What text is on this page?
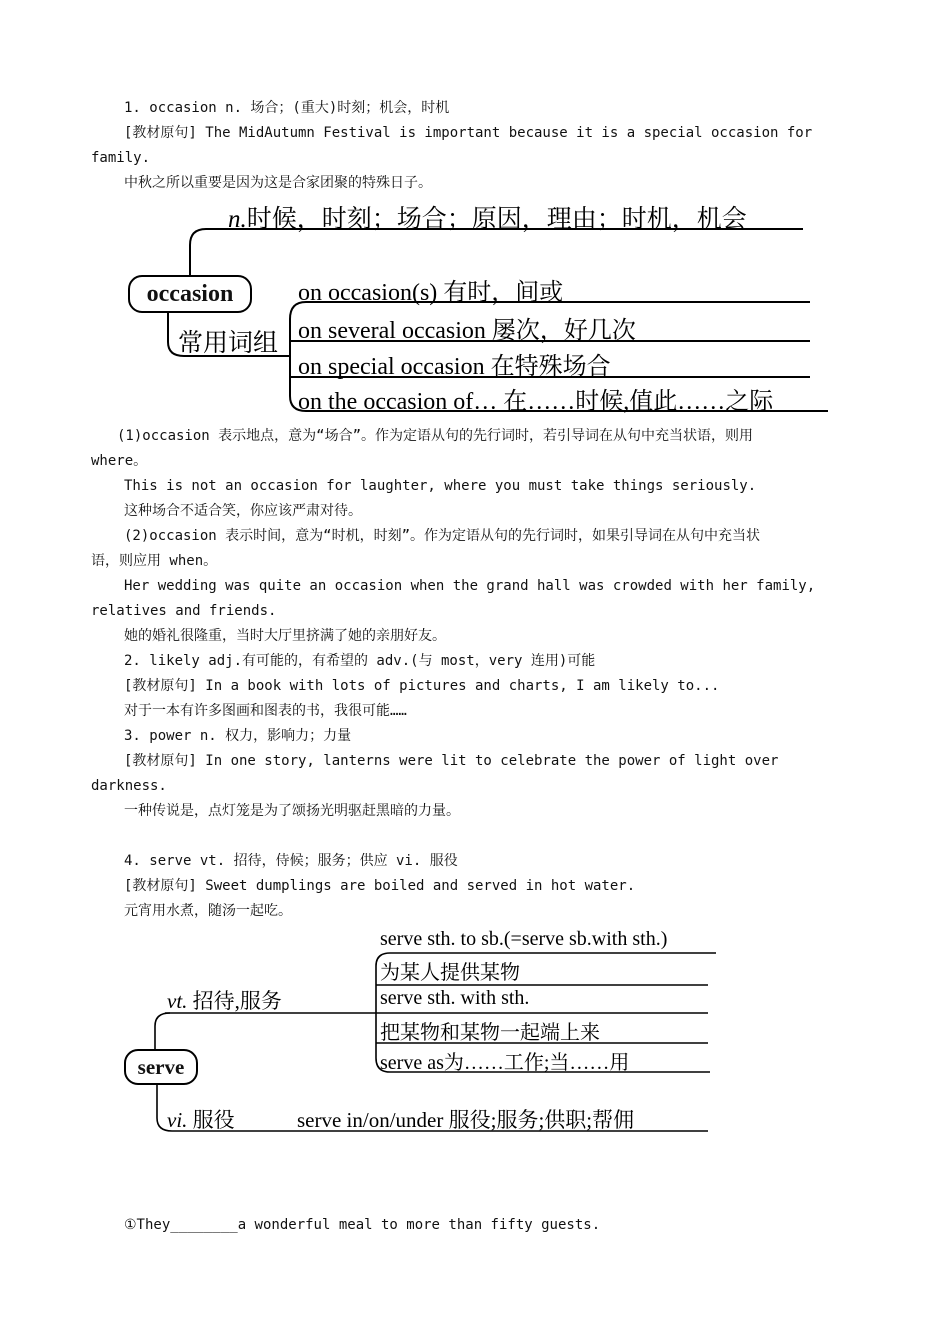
1. occasion n. 场合；(重大)时刻；机会，时机
[教材原句] The MidAutumn Festival is important because it is a special occasion for
family.
中秋之所以重要是因为这是合家团聚的特殊日子。
n.时候，时刻；场合；原因，理由；时机，机会
occasion
常用词组
on occasion(s) 有时，间或
on several occasion 屡次，好几次
on special occasion 在特殊场合
on the occasion of… 在……时候,值此……之际
(1)occasion 表示地点，意为“场合”。作为定语从句的先行词时，若引导词在从句中充当状语，则用
where。
This is not an occasion for laughter, where you must take things seriously.
这种场合不适合笑，你应该严肃对待。
(2)occasion 表示时间，意为“时机，时刻”。作为定语从句的先行词时，如果引导词在从句中充当状
语，则应用 when。
Her wedding was quite an occasion when the grand hall was crowded with her family,
relatives and friends.
她的婚礼很隆重，当时大厅里挤满了她的亲朋好友。
2. likely adj.有可能的，有希望的 adv.(与 most，very 连用)可能
[教材原句] In a book with lots of pictures and charts, I am likely to...
对于一本有许多图画和图表的书，我很可能……
3. power n. 权力，影响力；力量
[教材原句] In one story, lanterns were lit to celebrate the power of light over
darkness.
一种传说是，点灯笼是为了颂扬光明驱赶黑暗的力量。
4. serve vt. 招待，侍候；服务；供应 vi. 服役
[教材原句] Sweet dumplings are boiled and served in hot water.
元宵用水煮，随汤一起吃。
vt. 招待,服务
serve
serve sth. to sb.(=serve sb.with sth.)
为某人提供某物
serve sth. with sth.
把某物和某物一起端上来
serve as为……工作;当……用
vi. 服役	serve in/on/under 服役;服务;供职;帮佣
①They________a wonderful meal to more than fifty guests.
